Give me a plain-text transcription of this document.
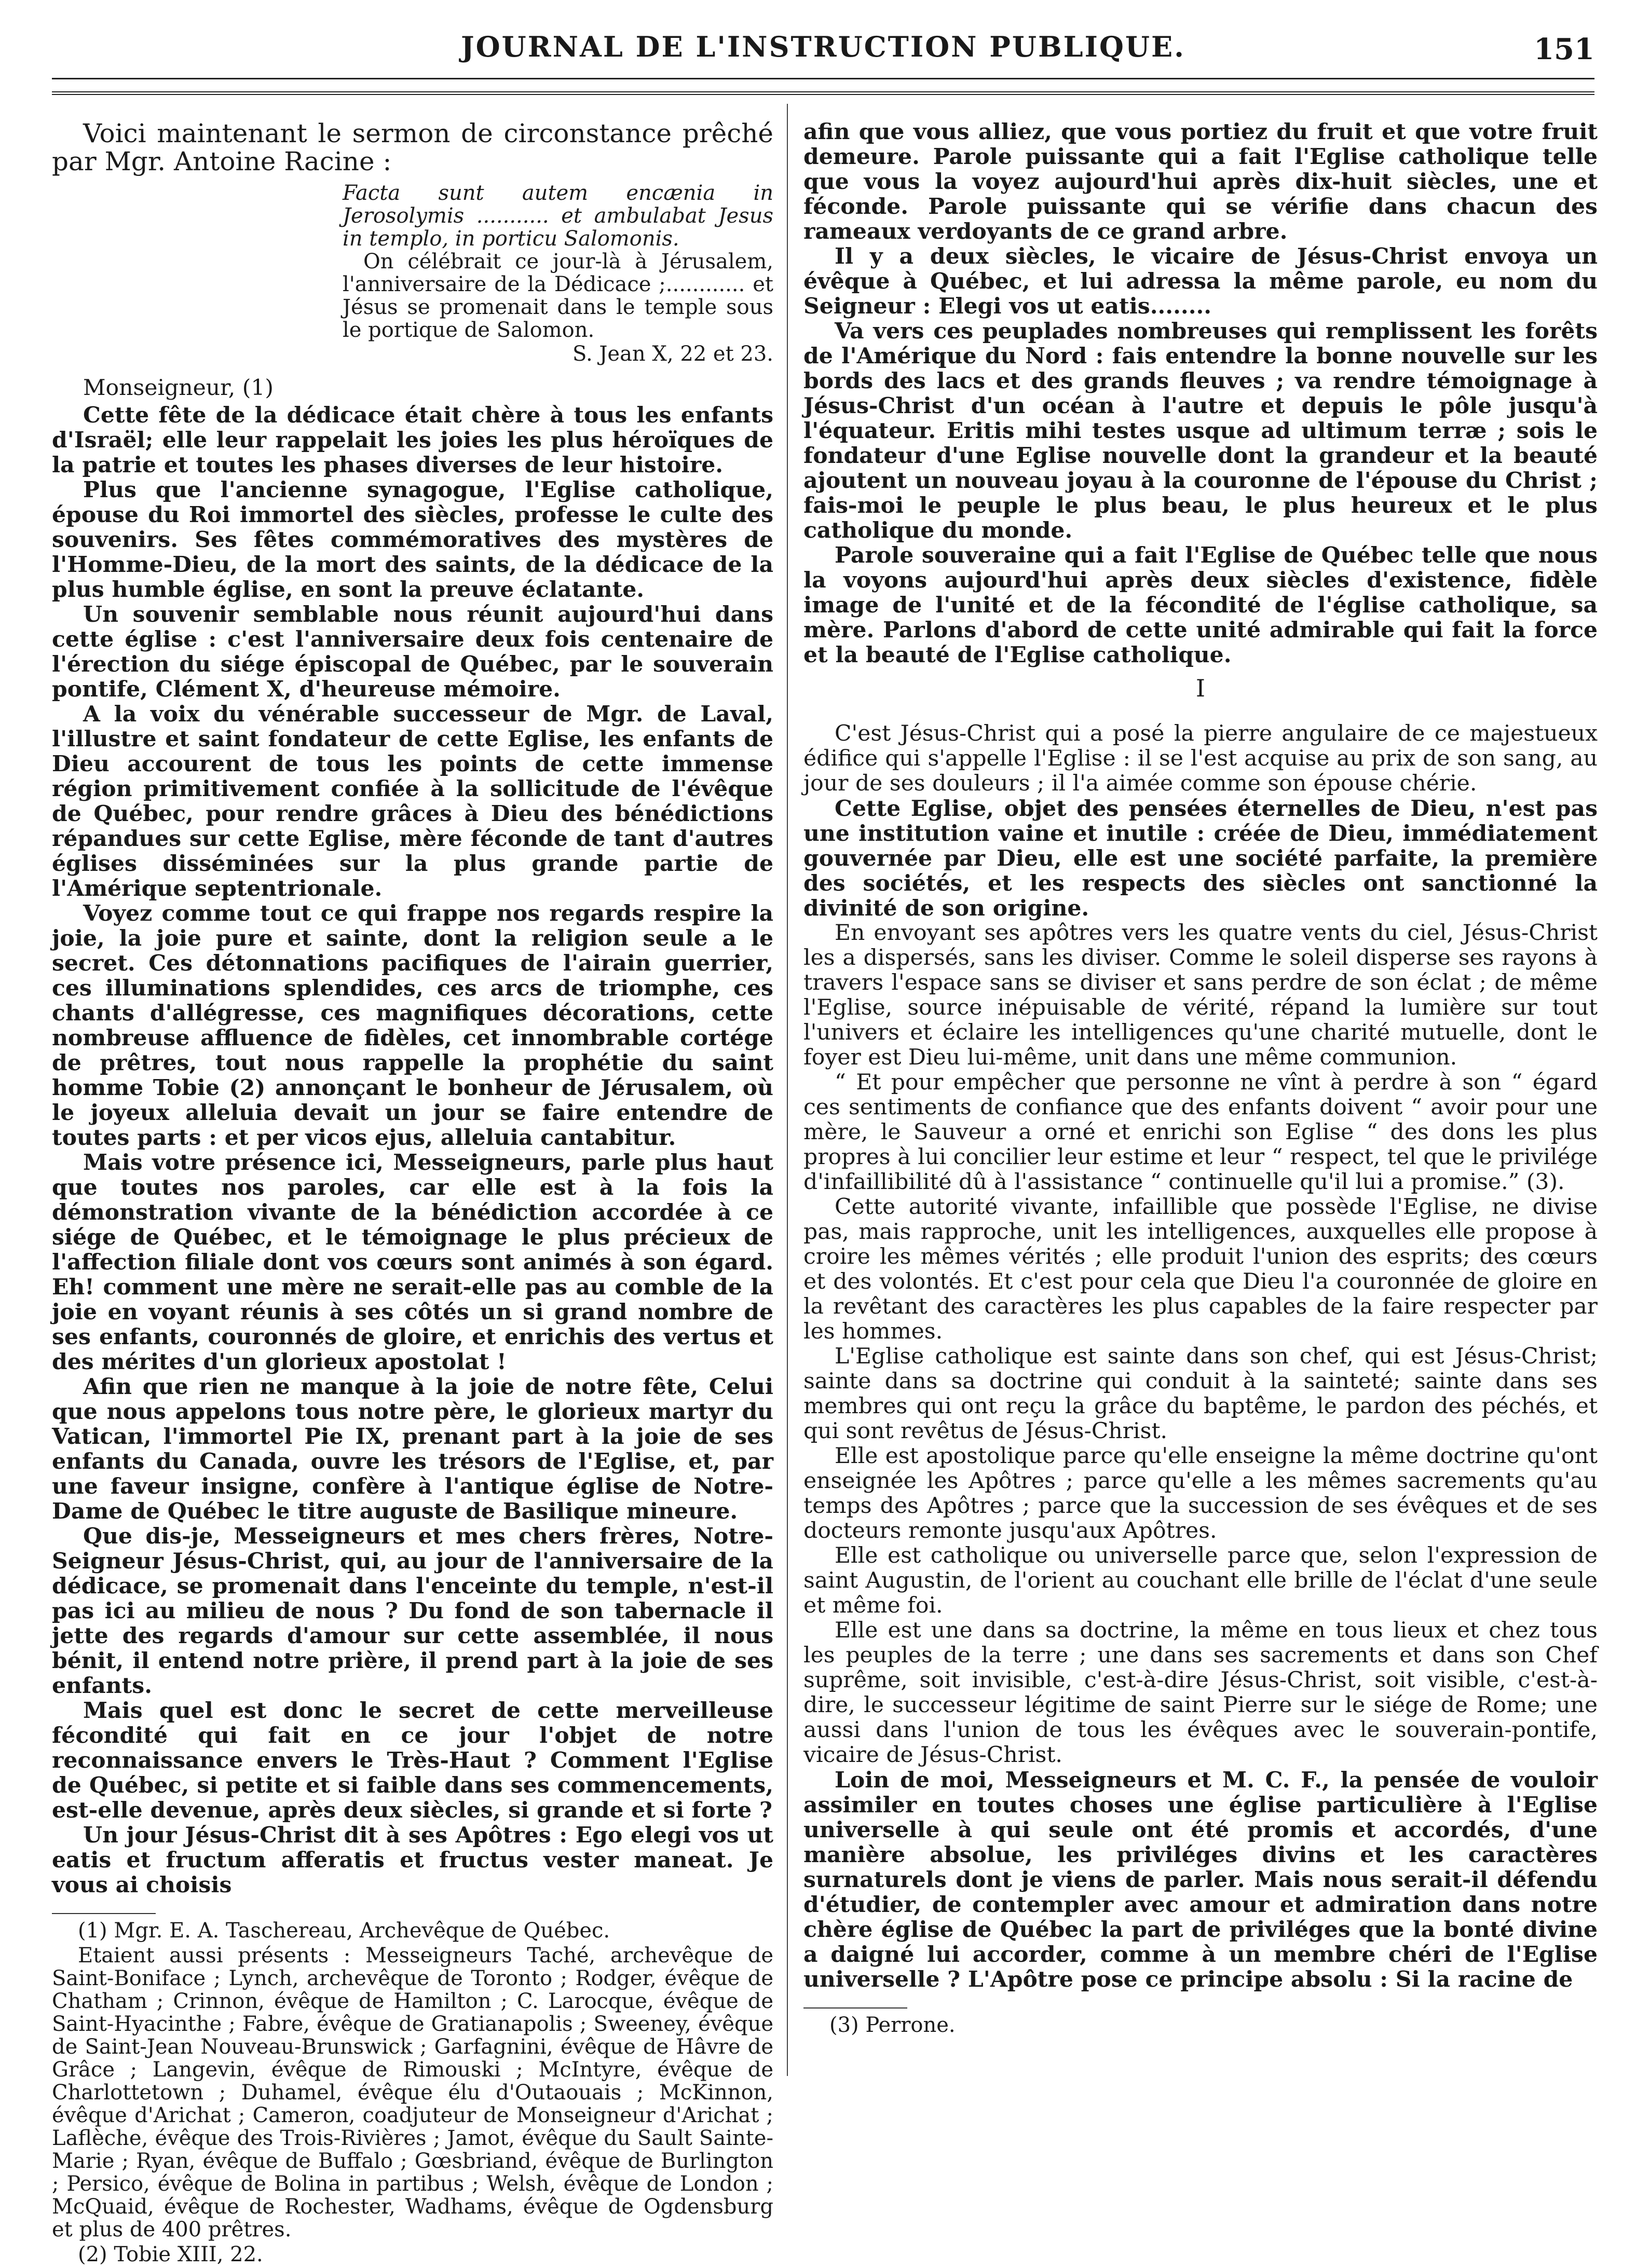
JOURNAL DE L'INSTRUCTION PUBLIQUE.	151

Voici maintenant le sermon de circonstance prêché par Mgr. Antoine Racine :

Facta sunt autem encænia in Jerosolymis ........... et ambulabat Jesus in templo, in porticu Salomonis.

On célébrait ce jour-là à Jérusalem, l'anniversaire de la Dédicace ;............ et Jésus se promenait dans le temple sous le portique de Salomon.

S. Jean X, 22 et 23.

Monseigneur, (1)

Cette fête de la dédicace était chère à tous les enfants d'Israël; elle leur rappelait les joies les plus héroïques de la patrie et toutes les phases diverses de leur histoire.

Plus que l'ancienne synagogue, l'Eglise catholique, épouse du Roi immortel des siècles, professe le culte des souvenirs. Ses fêtes commémoratives des mystères de l'Homme-Dieu, de la mort des saints, de la dédicace de la plus humble église, en sont la preuve éclatante.

Un souvenir semblable nous réunit aujourd'hui dans cette église : c'est l'anniversaire deux fois centenaire de l'érection du siége épiscopal de Québec, par le souverain pontife, Clément X, d'heureuse mémoire.

A la voix du vénérable successeur de Mgr. de Laval, l'illustre et saint fondateur de cette Eglise, les enfants de Dieu accourent de tous les points de cette immense région primitivement confiée à la sollicitude de l'évêque de Québec, pour rendre grâces à Dieu des bénédictions répandues sur cette Eglise, mère féconde de tant d'autres églises disséminées sur la plus grande partie de l'Amérique septentrionale.

Voyez comme tout ce qui frappe nos regards respire la joie, la joie pure et sainte, dont la religion seule a le secret. Ces détonnations pacifiques de l'airain guerrier, ces illuminations splendides, ces arcs de triomphe, ces chants d'allégresse, ces magnifiques décorations, cette nombreuse affluence de fidèles, cet innombrable cortége de prêtres, tout nous rappelle la prophétie du saint homme Tobie (2) annonçant le bonheur de Jérusalem, où le joyeux alleluia devait un jour se faire entendre de toutes parts : et per vicos ejus, alleluia cantabitur.

Mais votre présence ici, Messeigneurs, parle plus haut que toutes nos paroles, car elle est à la fois la démonstration vivante de la bénédiction accordée à ce siége de Québec, et le témoignage le plus précieux de l'affection filiale dont vos cœurs sont animés à son égard. Eh! comment une mère ne serait-elle pas au comble de la joie en voyant réunis à ses côtés un si grand nombre de ses enfants, couronnés de gloire, et enrichis des vertus et des mérites d'un glorieux apostolat !

Afin que rien ne manque à la joie de notre fête, Celui que nous appelons tous notre père, le glorieux martyr du Vatican, l'immortel Pie IX, prenant part à la joie de ses enfants du Canada, ouvre les trésors de l'Eglise, et, par une faveur insigne, confère à l'antique église de Notre-Dame de Québec le titre auguste de Basilique mineure.

Que dis-je, Messeigneurs et mes chers frères, Notre-Seigneur Jésus-Christ, qui, au jour de l'anniversaire de la dédicace, se promenait dans l'enceinte du temple, n'est-il pas ici au milieu de nous ? Du fond de son tabernacle il jette des regards d'amour sur cette assemblée, il nous bénit, il entend notre prière, il prend part à la joie de ses enfants.

Mais quel est donc le secret de cette merveilleuse fécondité qui fait en ce jour l'objet de notre reconnaissance envers le Très-Haut ? Comment l'Eglise de Québec, si petite et si faible dans ses commencements, est-elle devenue, après deux siècles, si grande et si forte ?

Un jour Jésus-Christ dit à ses Apôtres : Ego elegi vos ut eatis et fructum afferatis et fructus vester maneat. Je vous ai choisis

(1) Mgr. E. A. Taschereau, Archevêque de Québec.

Etaient aussi présents : Messeigneurs Taché, archevêque de Saint-Boniface ; Lynch, archevêque de Toronto ; Rodger, évêque de Chatham ; Crinnon, évêque de Hamilton ; C. Larocque, évêque de Saint-Hyacinthe ; Fabre, évêque de Gratianapolis ; Sweeney, évêque de Saint-Jean Nouveau-Brunswick ; Garfagnini, évêque de Hâvre de Grâce ; Langevin, évêque de Rimouski ; McIntyre, évêque de Charlottetown ; Duhamel, évêque élu d'Outaouais ; McKinnon, évêque d'Arichat ; Cameron, coadjuteur de Monseigneur d'Arichat ; Laflèche, évêque des Trois-Rivières ; Jamot, évêque du Sault Sainte-Marie ; Ryan, évêque de Buffalo ; Gœsbriand, évêque de Burlington ; Persico, évêque de Bolina in partibus ; Welsh, évêque de London ; McQuaid, évêque de Rochester, Wadhams, évêque de Ogdensburg et plus de 400 prêtres.

(2) Tobie XIII, 22.

afin que vous alliez, que vous portiez du fruit et que votre fruit demeure. Parole puissante qui a fait l'Eglise catholique telle que vous la voyez aujourd'hui après dix-huit siècles, une et féconde. Parole puissante qui se vérifie dans chacun des rameaux verdoyants de ce grand arbre.

Il y a deux siècles, le vicaire de Jésus-Christ envoya un évêque à Québec, et lui adressa la même parole, eu nom du Seigneur : Elegi vos ut eatis........

Va vers ces peuplades nombreuses qui remplissent les forêts de l'Amérique du Nord : fais entendre la bonne nouvelle sur les bords des lacs et des grands fleuves ; va rendre témoignage à Jésus-Christ d'un océan à l'autre et depuis le pôle jusqu'à l'équateur. Eritis mihi testes usque ad ultimum terræ ; sois le fondateur d'une Eglise nouvelle dont la grandeur et la beauté ajoutent un nouveau joyau à la couronne de l'épouse du Christ ; fais-moi le peuple le plus beau, le plus heureux et le plus catholique du monde.

Parole souveraine qui a fait l'Eglise de Québec telle que nous la voyons aujourd'hui après deux siècles d'existence, fidèle image de l'unité et de la fécondité de l'église catholique, sa mère. Parlons d'abord de cette unité admirable qui fait la force et la beauté de l'Eglise catholique.

I

C'est Jésus-Christ qui a posé la pierre angulaire de ce majestueux édifice qui s'appelle l'Eglise : il se l'est acquise au prix de son sang, au jour de ses douleurs ; il l'a aimée comme son épouse chérie.

Cette Eglise, objet des pensées éternelles de Dieu, n'est pas une institution vaine et inutile : créée de Dieu, immédiatement gouvernée par Dieu, elle est une société parfaite, la première des sociétés, et les respects des siècles ont sanctionné la divinité de son origine.

En envoyant ses apôtres vers les quatre vents du ciel, Jésus-Christ les a dispersés, sans les diviser. Comme le soleil disperse ses rayons à travers l'espace sans se diviser et sans perdre de son éclat ; de même l'Eglise, source inépuisable de vérité, répand la lumière sur tout l'univers et éclaire les intelligences qu'une charité mutuelle, dont le foyer est Dieu lui-même, unit dans une même communion.

“ Et pour empêcher que personne ne vînt à perdre à son “ égard ces sentiments de confiance que des enfants doivent “ avoir pour une mère, le Sauveur a orné et enrichi son Eglise “ des dons les plus propres à lui concilier leur estime et leur “ respect, tel que le privilége d'infaillibilité dû à l'assistance “ continuelle qu'il lui a promise.” (3).

Cette autorité vivante, infaillible que possède l'Eglise, ne divise pas, mais rapproche, unit les intelligences, auxquelles elle propose à croire les mêmes vérités ; elle produit l'union des esprits; des cœurs et des volontés. Et c'est pour cela que Dieu l'a couronnée de gloire en la revêtant des caractères les plus capables de la faire respecter par les hommes.

L'Eglise catholique est sainte dans son chef, qui est Jésus-Christ; sainte dans sa doctrine qui conduit à la sainteté; sainte dans ses membres qui ont reçu la grâce du baptême, le pardon des péchés, et qui sont revêtus de Jésus-Christ.

Elle est apostolique parce qu'elle enseigne la même doctrine qu'ont enseignée les Apôtres ; parce qu'elle a les mêmes sacrements qu'au temps des Apôtres ; parce que la succession de ses évêques et de ses docteurs remonte jusqu'aux Apôtres.

Elle est catholique ou universelle parce que, selon l'expression de saint Augustin, de l'orient au couchant elle brille de l'éclat d'une seule et même foi.

Elle est une dans sa doctrine, la même en tous lieux et chez tous les peuples de la terre ; une dans ses sacrements et dans son Chef suprême, soit invisible, c'est-à-dire Jésus-Christ, soit visible, c'est-à-dire, le successeur légitime de saint Pierre sur le siége de Rome; une aussi dans l'union de tous les évêques avec le souverain-pontife, vicaire de Jésus-Christ.

Loin de moi, Messeigneurs et M. C. F., la pensée de vouloir assimiler en toutes choses une église particulière à l'Eglise universelle à qui seule ont été promis et accordés, d'une manière absolue, les priviléges divins et les caractères surnaturels dont je viens de parler. Mais nous serait-il défendu d'étudier, de contempler avec amour et admiration dans notre chère église de Québec la part de priviléges que la bonté divine a daigné lui accorder, comme à un membre chéri de l'Eglise universelle ? L'Apôtre pose ce principe absolu : Si la racine de

(3) Perrone.
